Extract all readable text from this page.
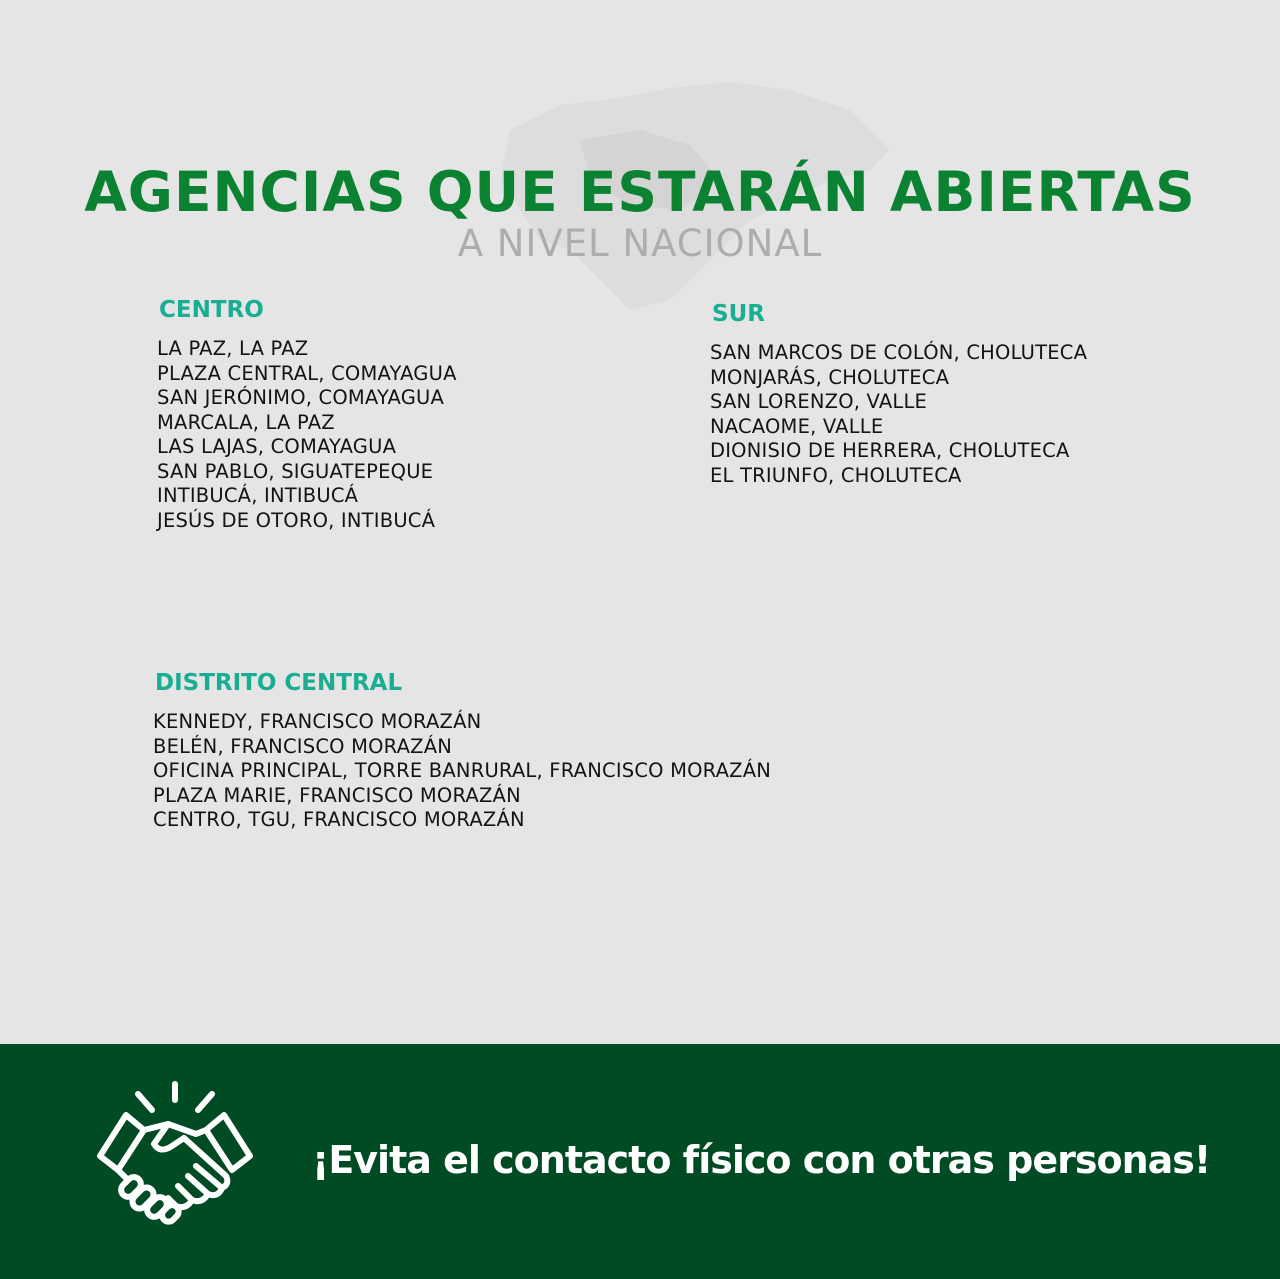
AGENCIAS QUE ESTARÁN ABIERTAS
A NIVEL NACIONAL
CENTRO
LA PAZ, LA PAZ
PLAZA CENTRAL, COMAYAGUA
SAN JERÓNIMO, COMAYAGUA
MARCALA, LA PAZ
LAS LAJAS, COMAYAGUA
SAN PABLO, SIGUATEPEQUE
INTIBUCÁ, INTIBUCÁ
JESÚS DE OTORO, INTIBUCÁ
SUR
SAN MARCOS DE COLÓN, CHOLUTECA
MONJARÁS, CHOLUTECA
SAN LORENZO, VALLE
NACAOME, VALLE
DIONISIO DE HERRERA, CHOLUTECA
EL TRIUNFO, CHOLUTECA
DISTRITO CENTRAL
KENNEDY, FRANCISCO MORAZÁN
BELÉN, FRANCISCO MORAZÁN
OFICINA PRINCIPAL, TORRE BANRURAL, FRANCISCO MORAZÁN
PLAZA MARIE, FRANCISCO MORAZÁN
CENTRO, TGU, FRANCISCO MORAZÁN
¡Evita el contacto físico con otras personas!
